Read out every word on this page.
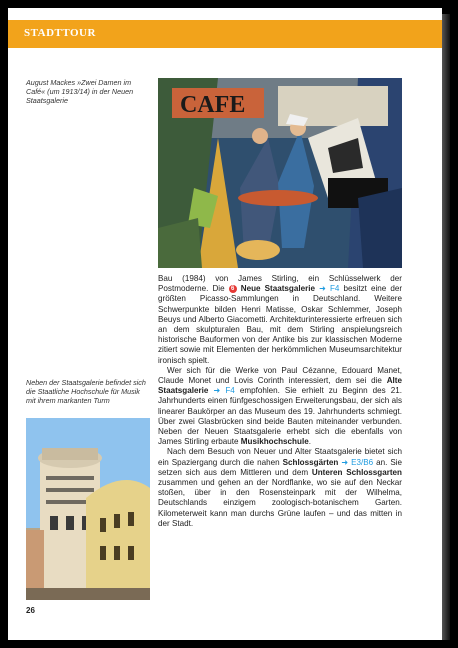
STADTTOUR
August Mackes »Zwei Damen im Café« (um 1913/14) in der Neuen Staatsgalerie	CAFE
Neben der Staatsgalerie befindet sich die Staatliche Hochschule für Musik mit ihrem markanten Turm

Bau (1984) von James Stirling, ein Schlüsselwerk der Postmoderne. Die 6 Neue Staatsgalerie ➜ F4 besitzt eine der größten Picasso-Sammlungen in Deutschland. Weitere Schwerpunkte bilden Henri Matisse, Oskar Schlemmer, Joseph Beuys und Alberto Giacometti. Architekturinteressierte erfreuen sich an dem skulpturalen Bau, mit dem Stirling anspielungsreich historische Bauformen von der Antike bis zur klassischen Moderne zitiert sowie mit Elementen der herkömmlichen Museumsarchitektur ironisch spielt.

Wer sich für die Werke von Paul Cézanne, Edouard Manet, Claude Monet und Lovis Corinth interessiert, dem sei die Alte Staatsgalerie ➜ F4 empfohlen. Sie erhielt zu Beginn des 21. Jahrhunderts einen fünfgeschossigen Erweiterungsbau, der sich als linearer Baukörper an das Museum des 19. Jahrhunderts schmiegt. Über zwei Glasbrücken sind beide Bauten miteinander verbunden. Neben der Neuen Staatsgalerie erhebt sich die ebenfalls von James Stirling erbaute Musikhochschule.

Nach dem Besuch von Neuer und Alter Staatsgalerie bietet sich ein Spaziergang durch die nahen Schlossgärten ➜ E3/B6 an. Sie setzen sich aus dem Mittleren und dem Unteren Schlossgarten zusammen und gehen an der Nordflanke, wo sie auf den Neckar stoßen, über in den Rosensteinpark mit der Wilhelma, Deutschlands einzigem zoologisch-botanischem Garten. Kilometerweit kann man durchs Grüne laufen – und das mitten in der Stadt.

26
